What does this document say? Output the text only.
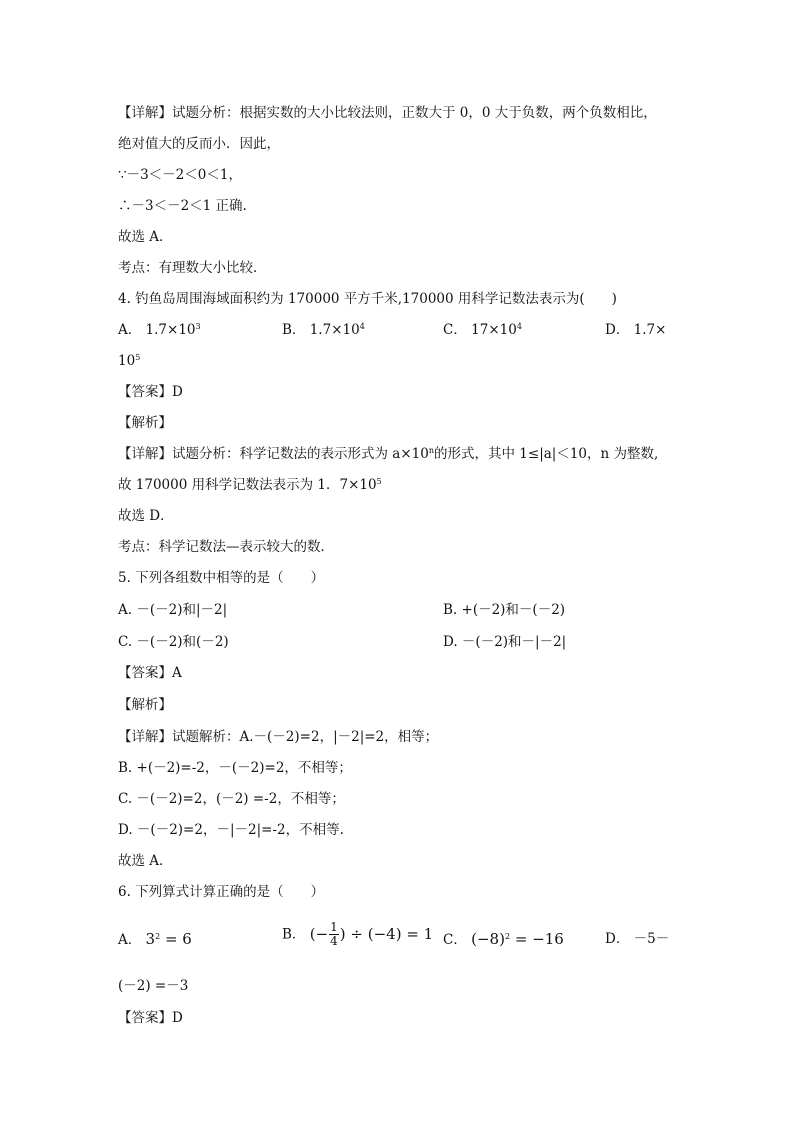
【详解】试题分析：根据实数的大小比较法则，正数大于 0，0 大于负数，两个负数相比，
绝对值大的反而小．因此，
∵－3＜－2＜0＜1，
∴－3＜－2＜1 正确.
故选 A．
考点：有理数大小比较．
4. 钓鱼岛周围海域面积约为 170000 平方千米,170000 用科学记数法表示为(　　)
A． $1.7\times 10^3$	B． $1.7\times 10^4$	C． $17\times 10^4$	D． 1.7×
$10^5$
【答案】D
【解析】
【详解】试题分析：科学记数法的表示形式为 $a\times 10^n$的形式，其中 1≤|a|＜10，n 为整数,
故 170000 用科学记数法表示为 1．$7\times 10^5$
故选 D．
考点：科学记数法—表示较大的数．
5. 下列各组数中相等的是（　　）
A. －(－2)和|－2|	B. +(－2)和－(－2)
C. －(－2)和(－2)	D. －(－2)和－|－2|
【答案】A
【解析】
【详解】试题解析：A.－(－2)=2，|－2|=2，相等；
B. +(－2)=-2，－(－2)=2，不相等；
C. －(－2)=2，(－2) =-2，不相等；
D. －(－2)=2，－|－2|=-2，不相等.
故选 A．
6. 下列算式计算正确的是（　　）
A． $3^2 = 6$	B． (− $\frac{1}{4}$ ) ÷ (−4) = 1 C． $(-8)^2 = -16$	D． －5－
(－2) =－3
【答案】D
